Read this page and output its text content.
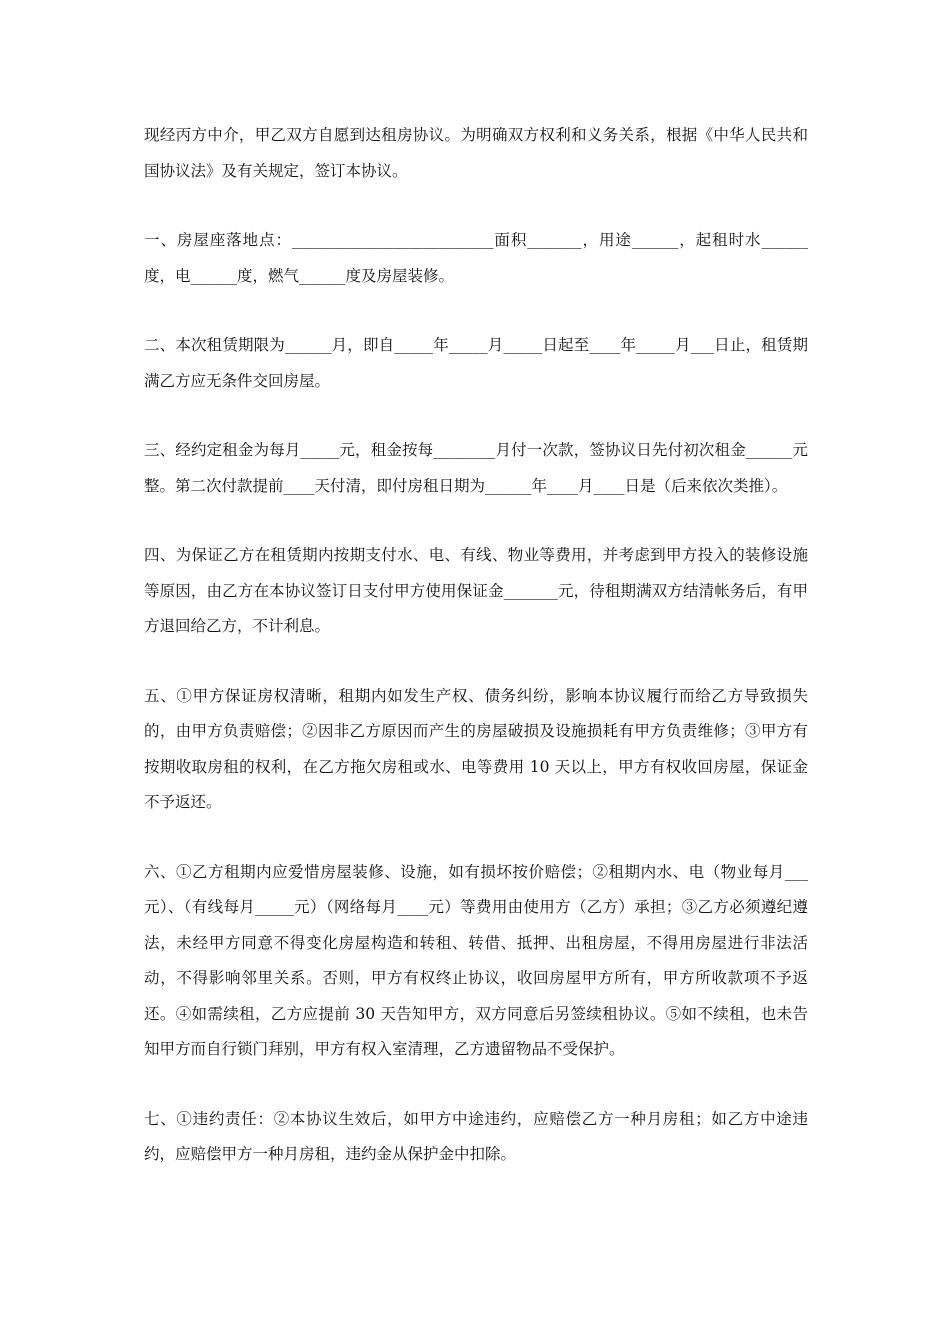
现经丙方中介，甲乙双方自愿到达租房协议。为明确双方权利和义务关系，根据《中华人民共和国协议法》及有关规定，签订本协议。

一、房屋座落地点：__________________________面积_______，用途______，起租时水______度，电______度，燃气______度及房屋装修。

二、本次租赁期限为______月，即自_____年_____月_____日起至____年_____月___日止，租赁期满乙方应无条件交回房屋。

三、经约定租金为每月_____元，租金按每________月付一次款，签协议日先付初次租金______元整。第二次付款提前____天付清，即付房租日期为______年____月____日是（后来依次类推）。

四、为保证乙方在租赁期内按期支付水、电、有线、物业等费用，并考虑到甲方投入的装修设施等原因，由乙方在本协议签订日支付甲方使用保证金_______元，待租期满双方结清帐务后，有甲方退回给乙方，不计利息。

五、①甲方保证房权清晰，租期内如发生产权、债务纠纷，影响本协议履行而给乙方导致损失的，由甲方负责赔偿；②因非乙方原因而产生的房屋破损及设施损耗有甲方负责维修；③甲方有按期收取房租的权利，在乙方拖欠房租或水、电等费用 10 天以上，甲方有权收回房屋，保证金不予返还。

六、①乙方租期内应爱惜房屋装修、设施，如有损坏按价赔偿；②租期内水、电（物业每月___元）、（有线每月_____元）（网络每月____元）等费用由使用方（乙方）承担；③乙方必须遵纪遵法，未经甲方同意不得变化房屋构造和转租、转借、抵押、出租房屋，不得用房屋进行非法活动，不得影响邻里关系。否则，甲方有权终止协议，收回房屋甲方所有，甲方所收款项不予返还。④如需续租，乙方应提前 30 天告知甲方，双方同意后另签续租协议。⑤如不续租，也未告知甲方而自行锁门拜别，甲方有权入室清理，乙方遗留物品不受保护。

七、①违约责任：②本协议生效后，如甲方中途违约，应赔偿乙方一种月房租；如乙方中途违约，应赔偿甲方一种月房租，违约金从保护金中扣除。
